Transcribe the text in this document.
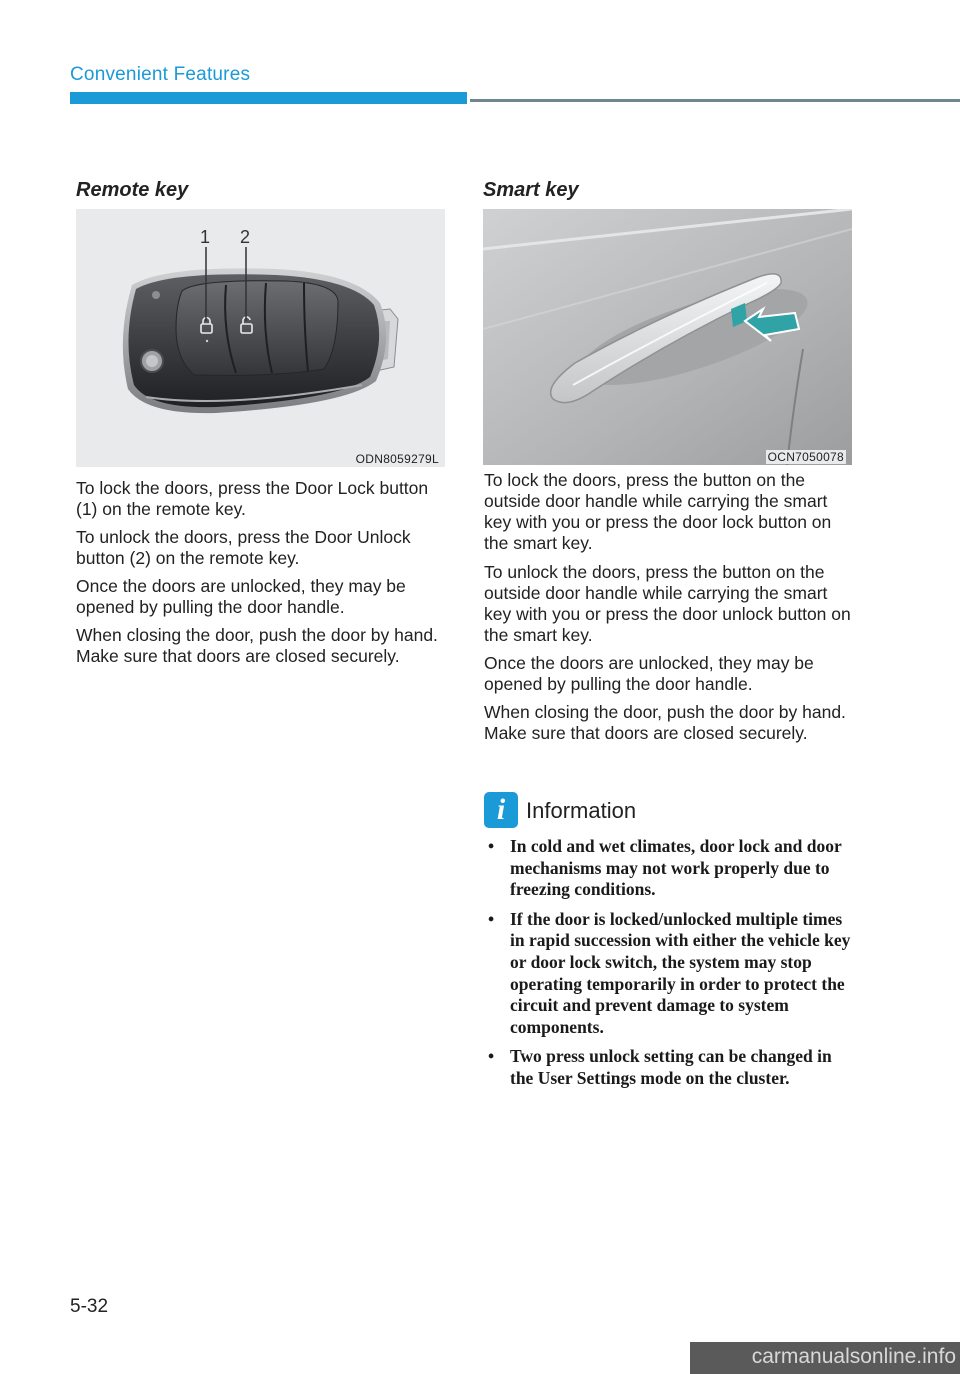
Convenient Features
Remote key
1 2
ODN8059279L

To lock the doors, press the Door Lock button (1) on the remote key.

To unlock the doors, press the Door Unlock button (2) on the remote key.

Once the doors are unlocked, they may be opened by pulling the door handle.

When closing the door, push the door by hand. Make sure that doors are closed securely.

Smart key
OCN7050078

To lock the doors, press the button on the outside door handle while carrying the smart key with you or press the door lock button on the smart key.

To unlock the doors, press the button on the outside door handle while carrying the smart key with you or press the door unlock button on the smart key.

Once the doors are unlocked, they may be opened by pulling the door handle.

When closing the door, push the door by hand. Make sure that doors are closed securely.

i Information
• In cold and wet climates, door lock and door mechanisms may not work properly due to freezing conditions.
• If the door is locked/unlocked multiple times in rapid succession with either the vehicle key or door lock switch, the system may stop operating temporarily in order to protect the circuit and prevent damage to system components.
• Two press unlock setting can be changed in the User Settings mode on the cluster.
5-32
carmanualsonline.info
